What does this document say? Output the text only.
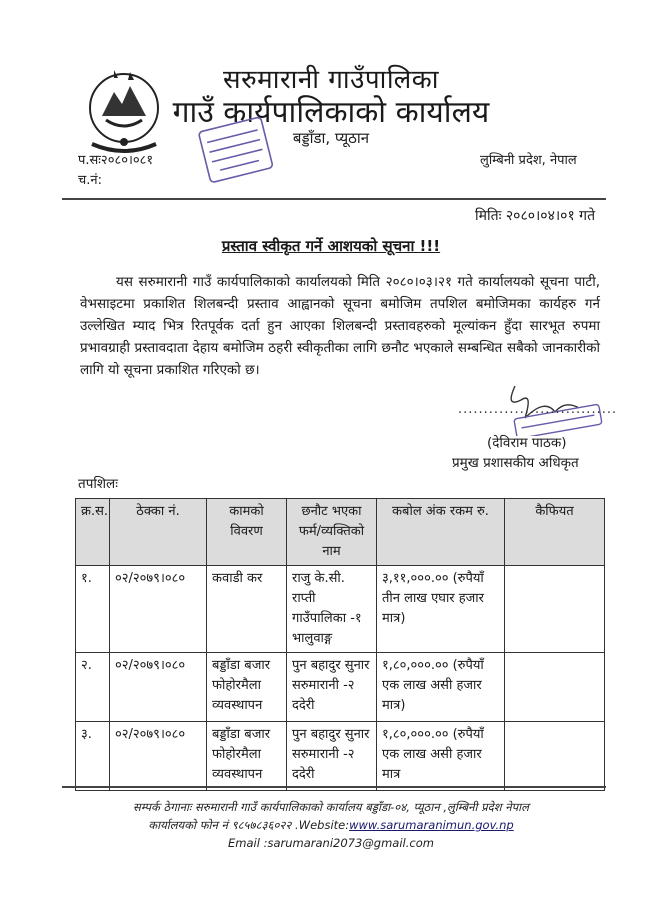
सरुमारानी गाउँपालिका
गाउँ कार्यपालिकाको कार्यालय
बड्डाँडा, प्यूठान
प.सः२०८०।०८१
च.नं:
लुम्बिनी प्रदेश, नेपाल
मितिः २०८०।०४।०१ गते
प्रस्ताव स्वीकृत गर्ने आशयको सूचना !!!

यस सरुमारानी गाउँ कार्यपालिकाको कार्यालयको मिति २०८०।०३।२१ गते कार्यालयको सूचना पाटी, वेभसाइटमा प्रकाशित शिलबन्दी प्रस्ताव आह्वानको सूचना बमोजिम तपशिल बमोजिमका कार्यहरु गर्न उल्लेखित म्याद भित्र रितपूर्वक दर्ता हुन आएका शिलबन्दी प्रस्तावहरुको मूल्यांकन हुँदा सारभूत रुपमा प्रभावग्राही प्रस्तावदाता देहाय बमोजिम ठहरी स्वीकृतीका लागि छनौट भएकाले सम्बन्धित सबैको जानकारीको लागि यो सूचना प्रकाशित गरिएको छ।

...............................
(देविराम पाठक)
प्रमुख प्रशासकीय अधिकृत
तपशिलः
क्र.स.	ठेक्का नं.	कामको विवरण	छनौट भएका फर्म/व्यक्तिको नाम	कबोल अंक रकम रु.	कैफियत
१.	०२/२०७९।०८०	कवाडी कर	राजु के.सी. राप्ती गाउँपालिका -१ भालुवाङ्ग	३,११,०००.०० (रुपैयाँ तीन लाख एघार हजार मात्र)	
२.	०२/२०७९।०८०	बड्डाँडा बजार फोहोरमैला व्यवस्थापन	पुन बहादुर सुनार सरुमारानी -२ ददेरी	१,८०,०००.०० (रुपैयाँ एक लाख असी हजार मात्र)	
३.	०२/२०७९।०८०	बड्डाँडा बजार फोहोरमैला व्यवस्थापन	पुन बहादुर सुनार सरुमारानी -२ ददेरी	१,८०,०००.०० (रुपैयाँ एक लाख असी हजार मात्र	
सम्पर्क ठेगानाः सरुमारानी गाउँ कार्यपालिकाको कार्यालय बड्डाँडा-०४, प्यूठान ,लुम्बिनी प्रदेश नेपाल
कार्यालयको फोन नं ९८५७८३६०२२ .Website:www.sarumaranimun.gov.np
Email :sarumarani2073@gmail.com
